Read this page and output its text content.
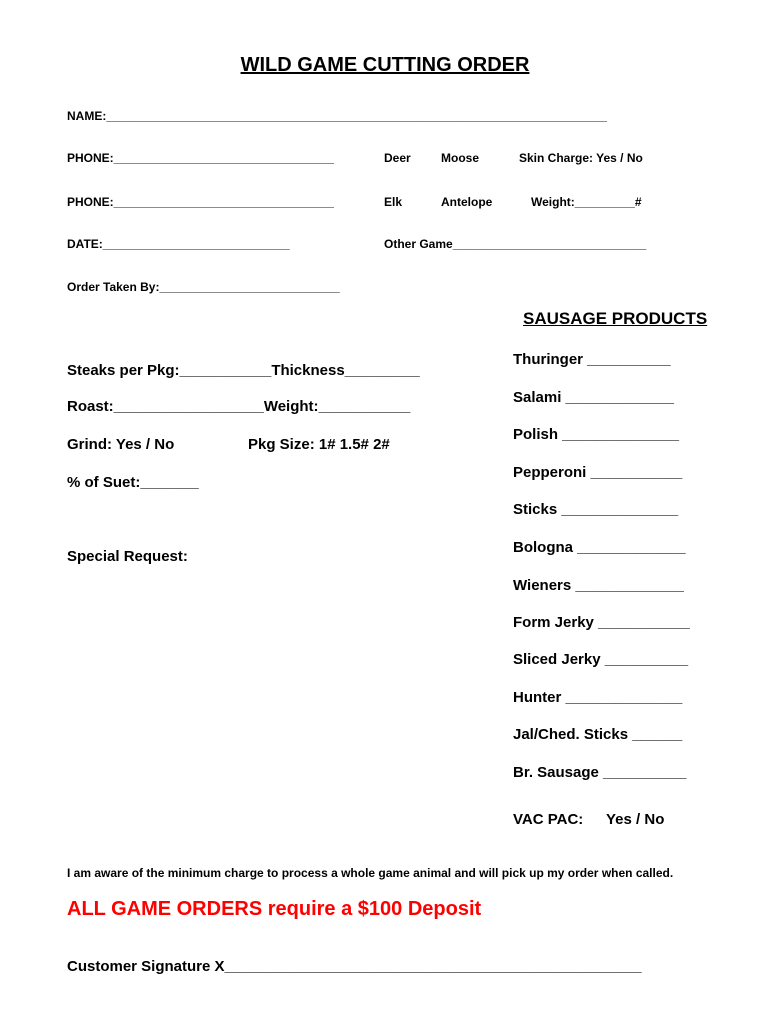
WILD GAME CUTTING ORDER
NAME:___________________________________________________________________________
PHONE:_________________________________	Deer	Moose	Skin Charge: Yes / No
PHONE:_________________________________	Elk	Antelope	Weight:_________#
DATE:____________________________	Other Game_____________________________
Order Taken By:___________________________
SAUSAGE PRODUCTS
Steaks per Pkg:___________Thickness_________
Roast:__________________Weight:___________
Grind: Yes / No	Pkg Size: 1# 1.5# 2#
% of Suet:_______
Special Request:
Thuringer __________
Salami _____________
Polish ______________
Pepperoni ___________
Sticks ______________
Bologna _____________
Wieners _____________
Form Jerky ___________
Sliced Jerky __________
Hunter ______________
Jal/Ched. Sticks ______
Br. Sausage __________
VAC PAC: Yes / No
I am aware of the minimum charge to process a whole game animal and will pick up my order when called.
ALL GAME ORDERS require a $100 Deposit
Customer Signature X__________________________________________________
